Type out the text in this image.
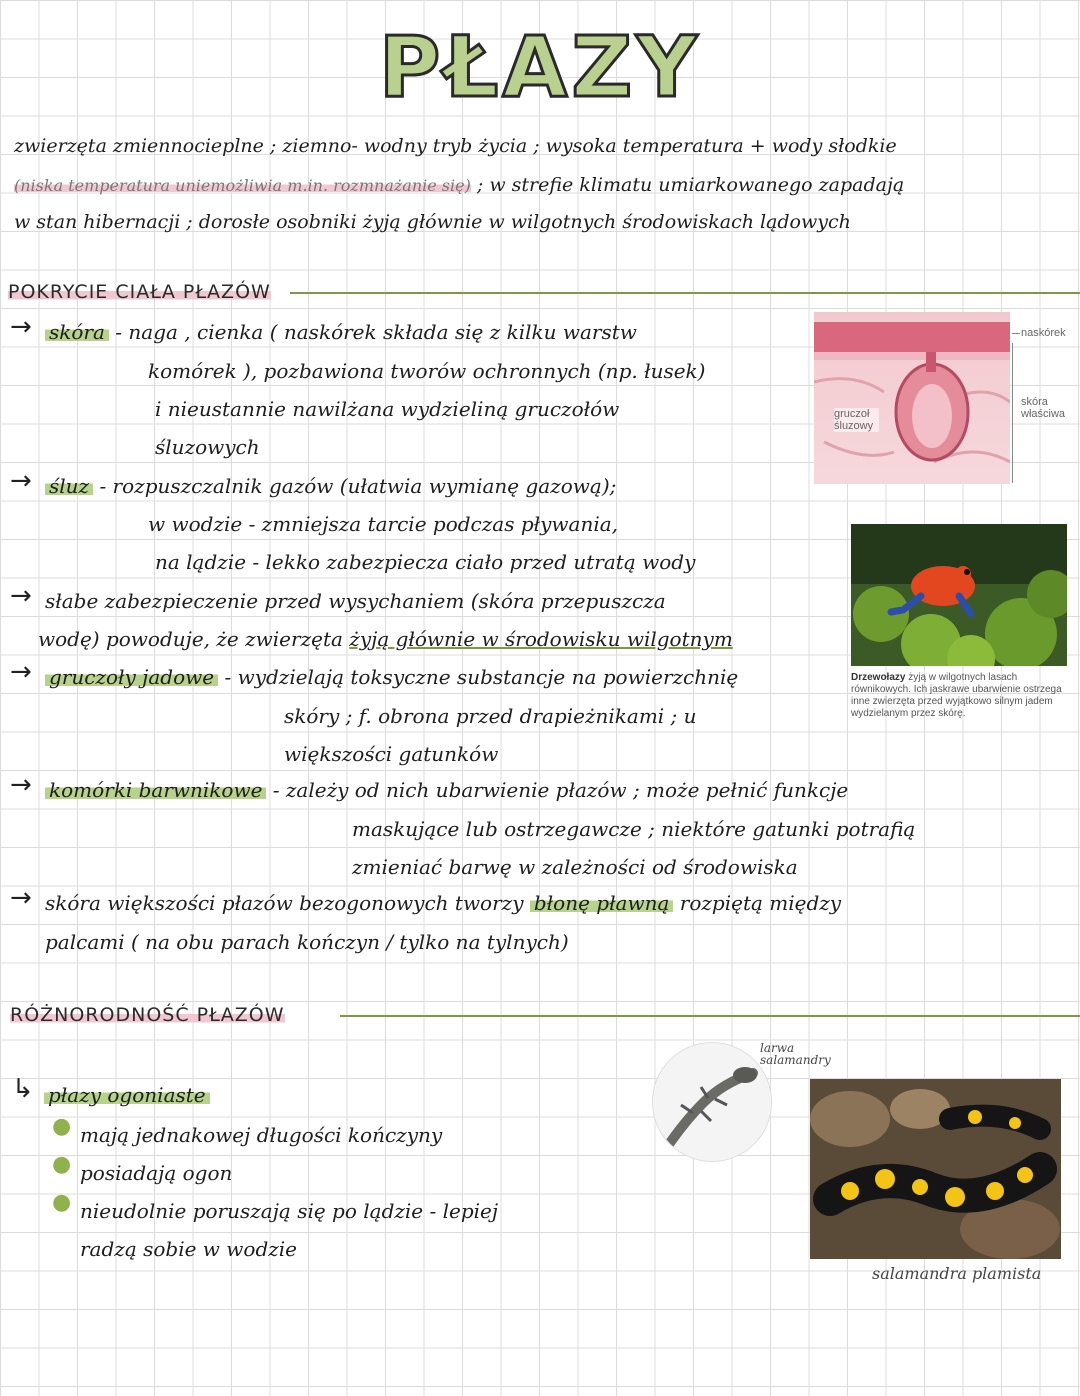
PŁAZY
zwierzęta zmiennocieplne ; ziemno- wodny tryb życia ; wysoka temperatura + wody słodkie
(niska temperatura uniemożliwia m.in. rozmnażanie się) ; w strefie klimatu umiarkowanego zapadają
w stan hibernacji ; dorosłe osobniki żyją głównie w wilgotnych środowiskach lądowych
POKRYCIE CIAŁA PŁAZÓW
→ skóra - naga , cienka ( naskórek składa się z kilku warstw
komórek ), pozbawiona tworów ochronnych (np. łusek)
i nieustannie nawilżana wydzieliną gruczołów
śluzowych
naskórek
skóra właściwa
gruczoł śluzowy
→ śluz - rozpuszczalnik gazów (ułatwia wymianę gazową);
w wodzie - zmniejsza tarcie podczas pływania,
na lądzie - lekko zabezpiecza ciało przed utratą wody
Drzewołazy żyją w wilgotnych lasach równikowych. Ich jaskrawe ubarwienie ostrzega inne zwierzęta przed wyjątkowo silnym jadem wydzielanym przez skórę.
→ słabe zabezpieczenie przed wysychaniem (skóra przepuszcza
wodę) powoduje, że zwierzęta żyją głównie w środowisku wilgotnym
→ gruczoły jadowe - wydzielają toksyczne substancje na powierzchnię
skóry ; f. obrona przed drapieżnikami ; u
większości gatunków
→ komórki barwnikowe - zależy od nich ubarwienie płazów ; może pełnić funkcje
maskujące lub ostrzegawcze ; niektóre gatunki potrafią
zmieniać barwę w zależności od środowiska
→ skóra większości płazów bezogonowych tworzy błonę pławną rozpiętą między
palcami ( na obu parach kończyn / tylko na tylnych)
RÓŻNORODNOŚĆ PŁAZÓW
larwa salamandry
salamandra plamista
↳ płazy ogoniaste
● mają jednakowej długości kończyny
● posiadają ogon
● nieudolnie poruszają się po lądzie - lepiej
radzą sobie w wodzie
